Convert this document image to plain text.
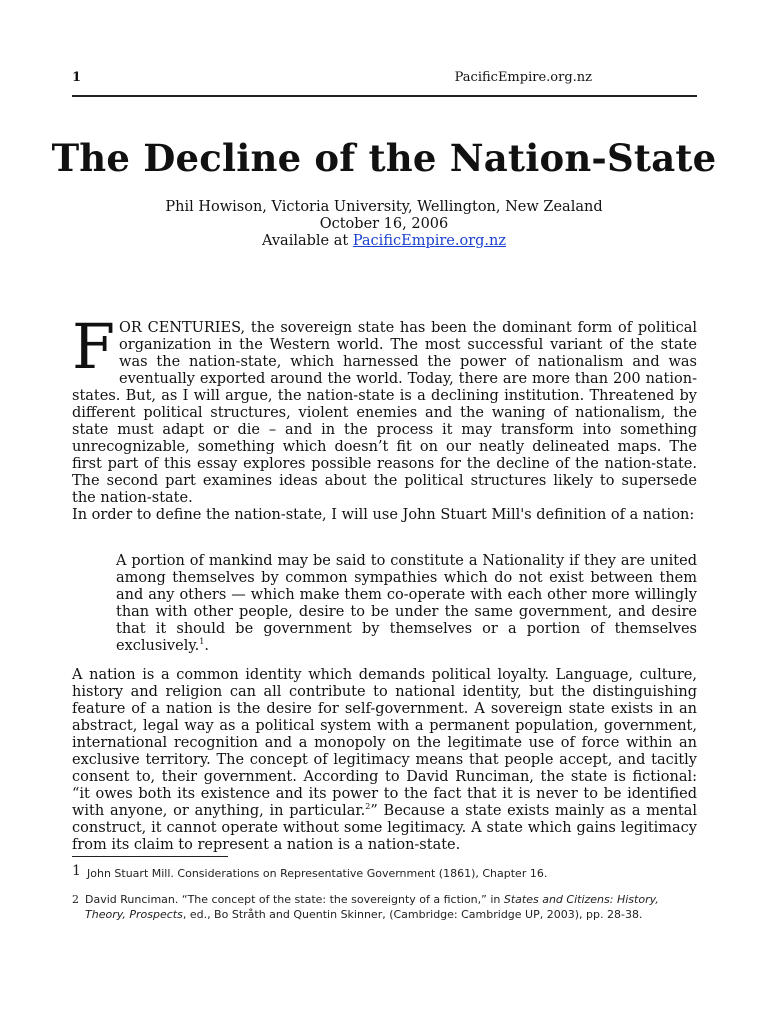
1	PacificEmpire.org.nz
The Decline of the Nation-State
Phil Howison, Victoria University, Wellington, New Zealand
October 16, 2006
Available at PacificEmpire.org.nz

FOR CENTURIES, the sovereign state has been the dominant form of political organization in the Western world. The most successful variant of the state was the nation-state, which harnessed the power of nationalism and was eventually exported around the world. Today, there are more than 200 nation-states. But, as I will argue, the nation-state is a declining institution. Threatened by different political structures, violent enemies and the waning of nationalism, the state must adapt or die – and in the process it may transform into something unrecognizable, something which doesn’t fit on our neatly delineated maps. The first part of this essay explores possible reasons for the decline of the nation-state. The second part examines ideas about the political structures likely to supersede the nation-state.

In order to define the nation-state, I will use John Stuart Mill's definition of a nation:

A portion of mankind may be said to constitute a Nationality if they are united among themselves by common sympathies which do not exist between them and any others — which make them co-operate with each other more willingly than with other people, desire to be under the same government, and desire that it should be government by themselves or a portion of themselves exclusively.$^1$.

A nation is a common identity which demands political loyalty. Language, culture, history and religion can all contribute to national identity, but the distinguishing feature of a nation is the desire for self-government. A sovereign state exists in an abstract, legal way as a political system with a permanent population, government, international recognition and a monopoly on the legitimate use of force within an exclusive territory. The concept of legitimacy means that people accept, and tacitly consent to, their government. According to David Runciman, the state is fictional: “it owes both its existence and its power to the fact that it is never to be identified with anyone, or anything, in particular.$^2$” Because a state exists mainly as a mental construct, it cannot operate without some legitimacy. A state which gains legitimacy from its claim to represent a nation is a nation-state.

1 John Stuart Mill. Considerations on Representative Government (1861), Chapter 16.
2 David Runciman. “The concept of the state: the sovereignty of a fiction,” in States and Citizens: History, Theory, Prospects, ed., Bo Stråth and Quentin Skinner, (Cambridge: Cambridge UP, 2003), pp. 28-38.
